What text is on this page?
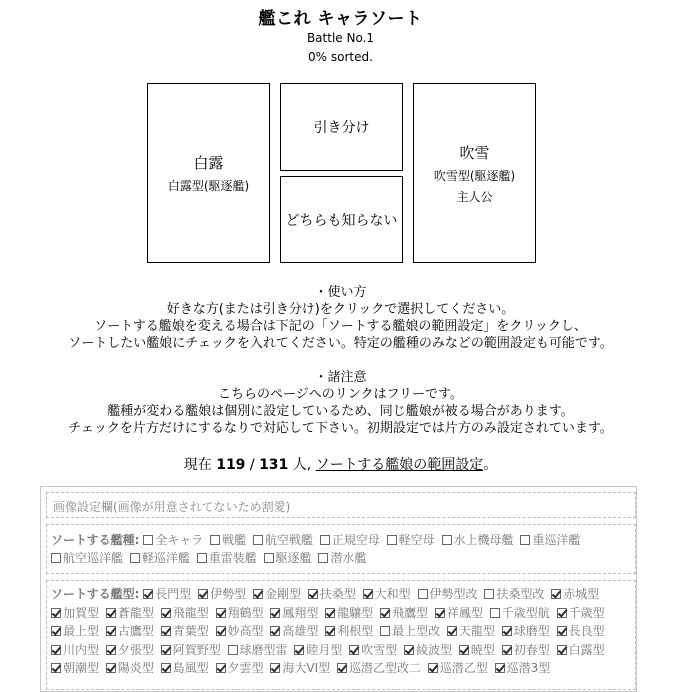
艦これ キャラソート
Battle No.1
0% sorted.
白露
白露型(駆逐艦)
引き分け
どちらも知らない
吹雪
吹雪型(駆逐艦)
主人公
・使い方
好きな方(または引き分け)をクリックで選択してください。
ソートする艦娘を変える場合は下記の「ソートする艦娘の範囲設定」をクリックし、
ソートしたい艦娘にチェックを入れてください。特定の艦種のみなどの範囲設定も可能です。
・諸注意
こちらのページへのリンクはフリーです。
艦種が変わる艦娘は個別に設定しているため、同じ艦娘が被る場合があります。
チェックを片方だけにするなりで対応して下さい。初期設定では片方のみ設定されています。
現在 119 / 131 人, ソートする艦娘の範囲設定。
画像設定欄(画像が用意されてないため割愛)
ソートする艦種: 全キャラ 戦艦 航空戦艦 正規空母 軽空母 水上機母艦 重巡洋艦 航空巡洋艦 軽巡洋艦 重雷装艦 駆逐艦 潜水艦
ソートする艦型: 長門型 伊勢型 金剛型 扶桑型 大和型 伊勢型改 扶桑型改 赤城型 加賀型 蒼龍型 飛龍型 翔鶴型 鳳翔型 龍驤型 飛鷹型 祥鳳型 千歳型航 千歳型 最上型 古鷹型 青葉型 妙高型 高雄型 利根型 最上型改 天龍型 球磨型 長良型 川内型 夕張型 阿賀野型 球磨型雷 睦月型 吹雪型 綾波型 暁型 初春型 白露型 朝潮型 陽炎型 島風型 夕雲型 海大VI型 巡潜乙型改二 巡潜乙型 巡潜3型
